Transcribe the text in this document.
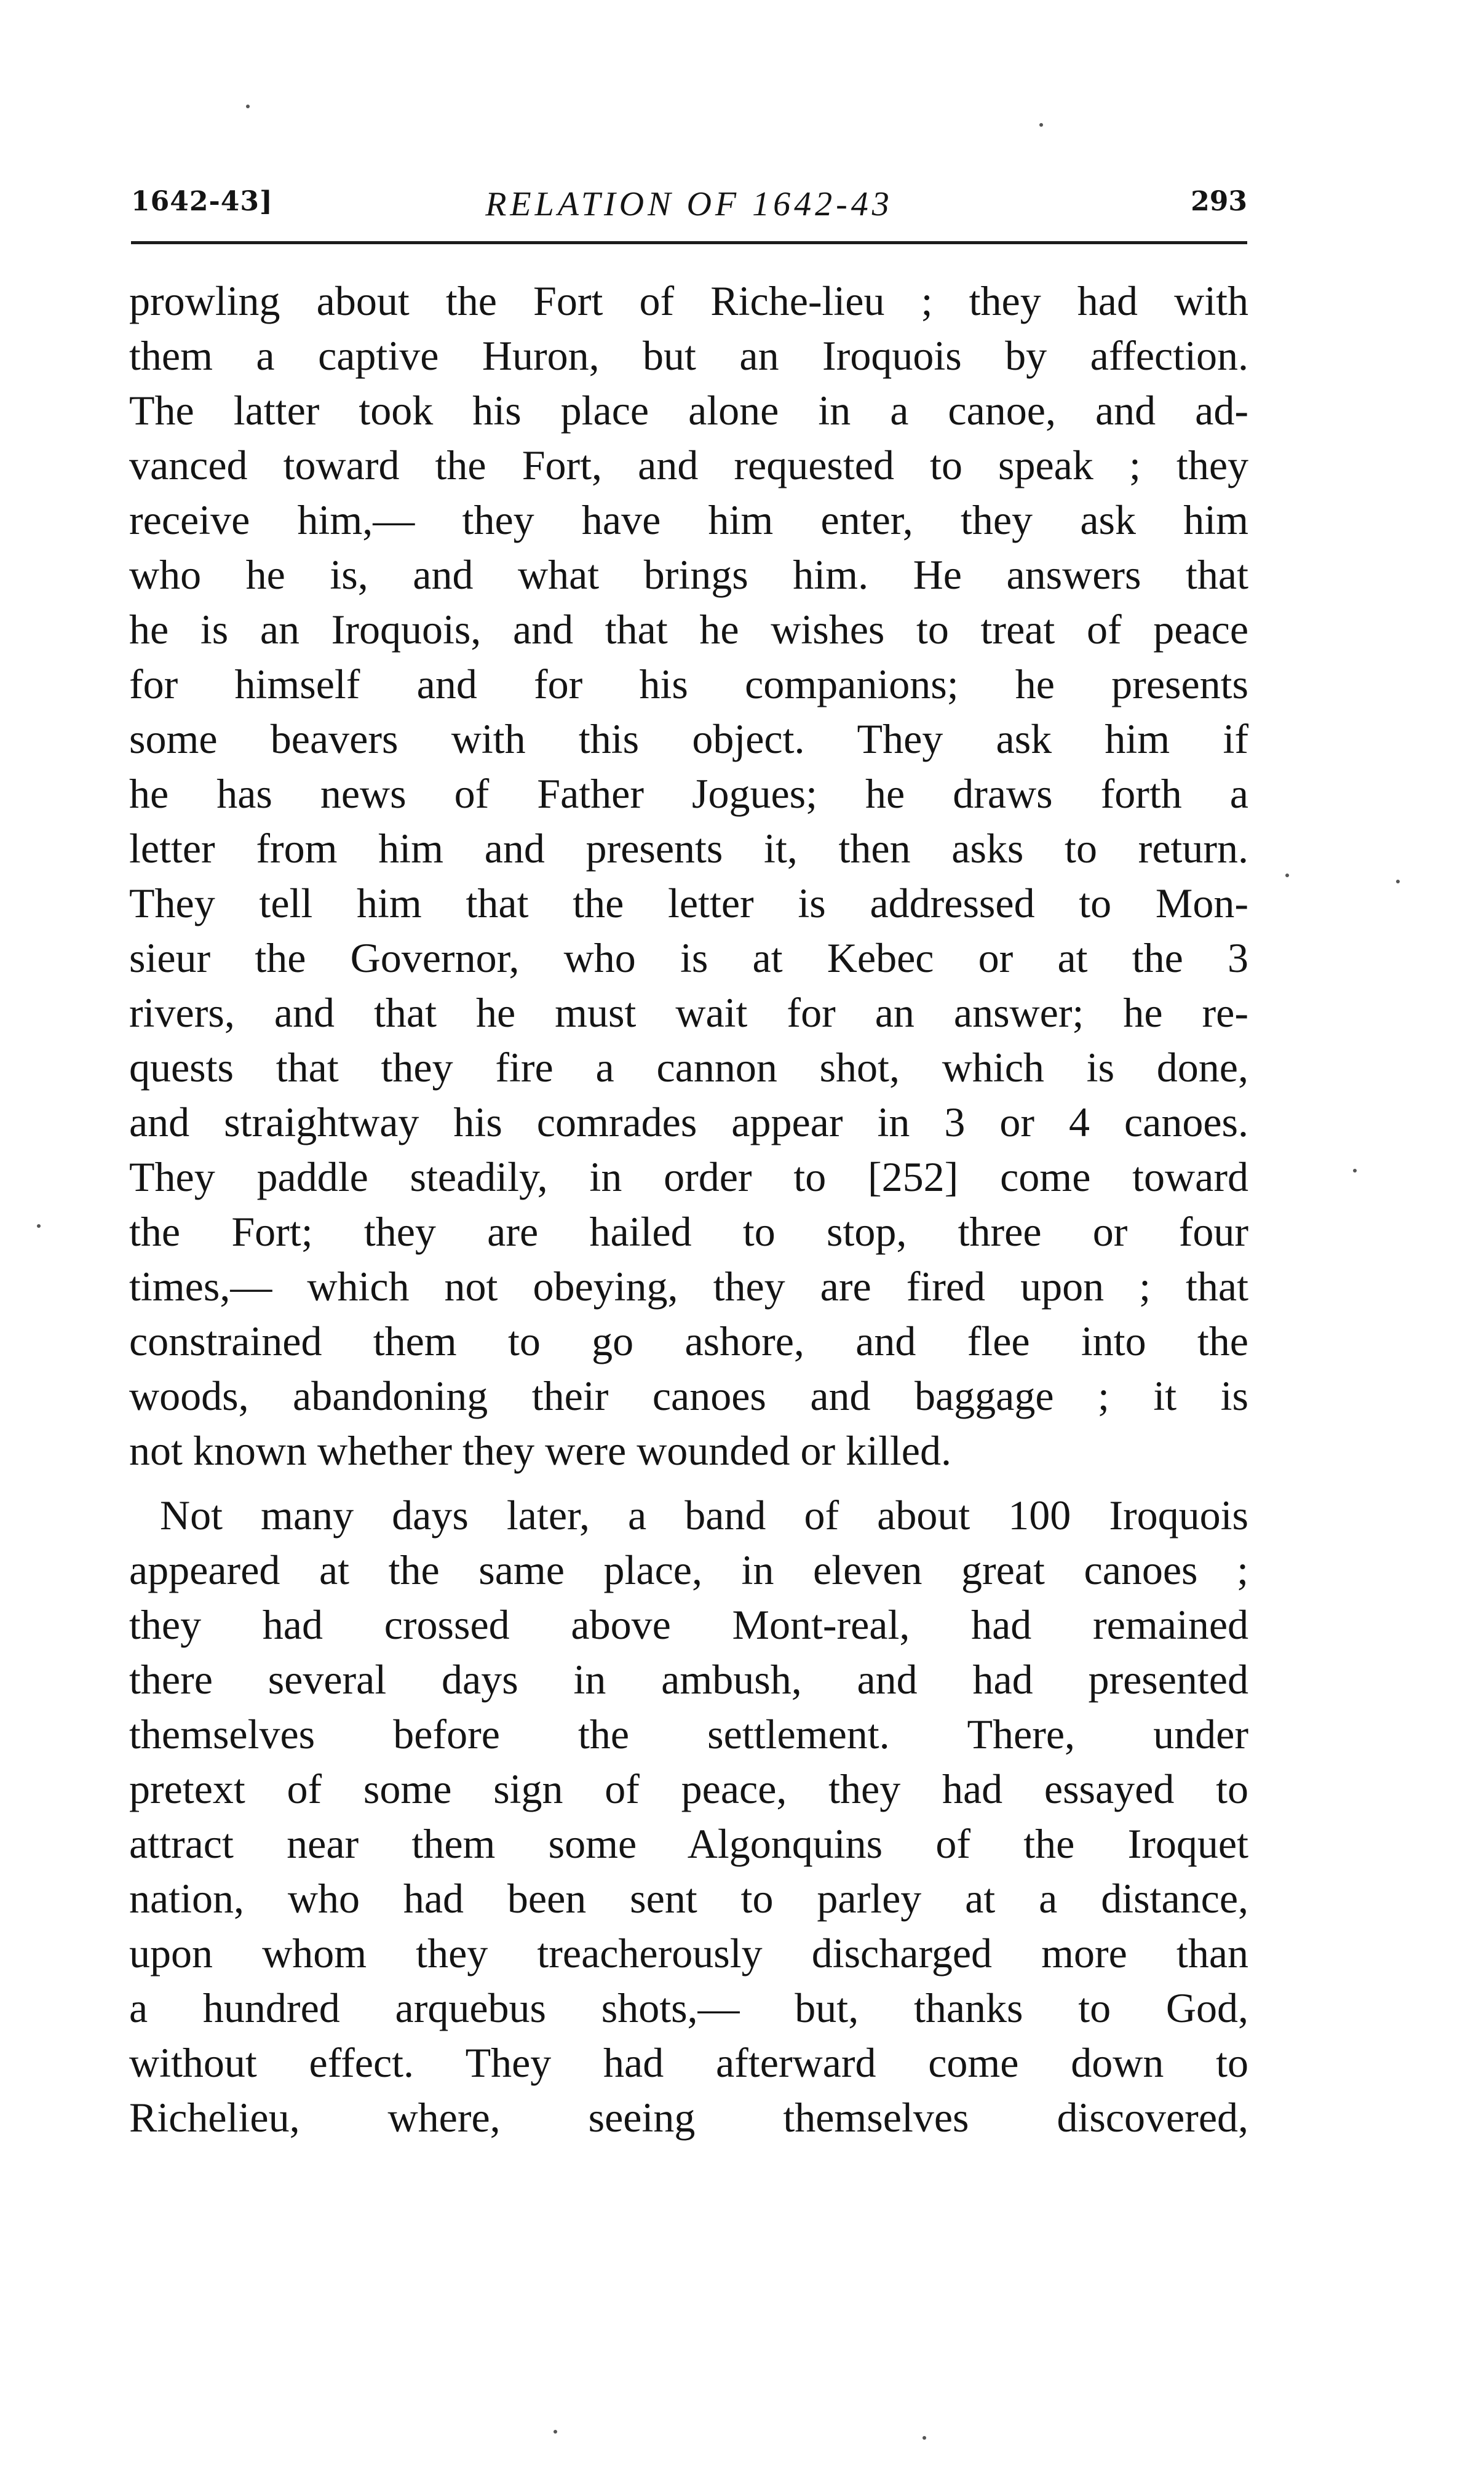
1642-43]	RELATION OF 1642-43	293
prowling about the Fort of Riche-lieu ; they had with
them a captive Huron, but an Iroquois by affection.
The latter took his place alone in a canoe, and ad-
vanced toward the Fort, and requested to speak ; they
receive him,— they have him enter, they ask him
who he is, and what brings him. He answers that
he is an Iroquois, and that he wishes to treat of peace
for himself and for his companions; he presents
some beavers with this object. They ask him if
he has news of Father Jogues; he draws forth a
letter from him and presents it, then asks to return.
They tell him that the letter is addressed to Mon-
sieur the Governor, who is at Kebec or at the 3
rivers, and that he must wait for an answer; he re-
quests that they fire a cannon shot, which is done,
and straightway his comrades appear in 3 or 4 canoes.
They paddle steadily, in order to [252] come toward
the Fort; they are hailed to stop, three or four
times,— which not obeying, they are fired upon ; that
constrained them to go ashore, and flee into the
woods, abandoning their canoes and baggage ; it is
not known whether they were wounded or killed.
Not many days later, a band of about 100 Iroquois
appeared at the same place, in eleven great canoes ;
they had crossed above Mont-real, had remained
there several days in ambush, and had presented
themselves before the settlement. There, under
pretext of some sign of peace, they had essayed to
attract near them some Algonquins of the Iroquet
nation, who had been sent to parley at a distance,
upon whom they treacherously discharged more than
a hundred arquebus shots,— but, thanks to God,
without effect. They had afterward come down to
Richelieu, where, seeing themselves discovered,
